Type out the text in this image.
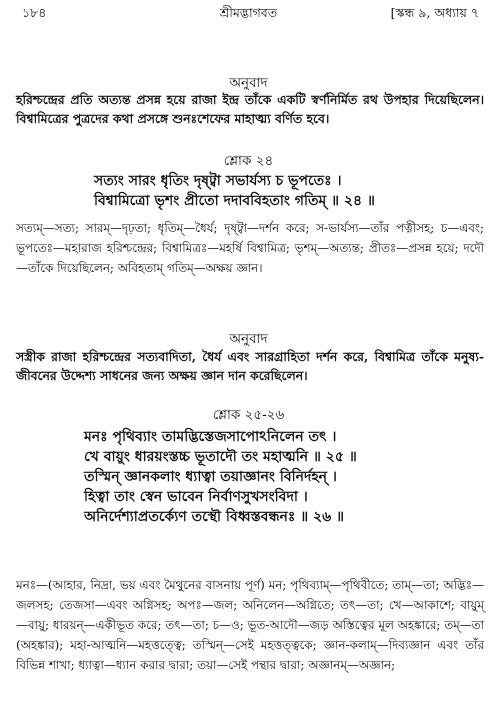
১৮৪	শ্রীমদ্ভাগবত	[স্কন্ধ ৯, অধ্যায় ৭
অনুবাদ

হরিশ্চন্দ্রের প্রতি অত্যন্ত প্রসন্ন হয়ে রাজা ইন্দ্র তাঁকে একটি স্বর্ণনির্মিত রথ উপহার দিয়েছিলেন। বিশ্বামিত্রের পুত্রদের কথা প্রসঙ্গে শুনঃশেফের মাহাত্ম্য বর্ণিত হবে।

শ্লোক ২৪
সত্যং সারং ধৃতিং দৃষ্ট্বা সভার্যস্য চ ভূপতেঃ ।
বিশ্বামিত্রো ভৃশং প্রীতো দদাববিহতাং গতিম্ ॥ ২৪ ॥

সত্যম্—সত্য; সারম্—দৃঢ়তা; ধৃতিম্—ধৈর্য; দৃষ্ট্বা—দর্শন করে; স-ভার্যস্য—তাঁর পত্নীসহ; চ—এবং; ভূপতেঃ—মহারাজ হরিশ্চন্দ্রের; বিশ্বামিত্রঃ—মহর্ষি বিশ্বামিত্র; ভৃশম্—অত্যন্ত; প্রীতঃ—প্রসন্ন হয়ে; দদৌ—তাঁকে দিয়েছিলেন; অবিহতাম্ গতিম্—অক্ষয় জ্ঞান।

অনুবাদ

সস্ত্রীক রাজা হরিশ্চন্দ্রের সত্যবাদিতা, ধৈর্য এবং সারগ্রাহিতা দর্শন করে, বিশ্বামিত্র তাঁকে মনুষ্য-জীবনের উদ্দেশ্য সাধনের জন্য অক্ষয় জ্ঞান দান করেছিলেন।

শ্লোক ২৫-২৬
মনঃ পৃথিব্যাং তামদ্ভিস্তেজসাপোঽনিলেন তৎ ।
খে বায়ুং ধারয়ংস্তচ্চ ভূতাদৌ তং মহাত্মনি ॥ ২৫ ॥
তস্মিন্ জ্ঞানকলাং ধ্যাত্বা তয়াজ্ঞানং বিনির্দহন্ ।
হিত্বা তাং স্বেন ভাবেন নির্বাণসুখসংবিদা ।
অনির্দেশ্যাপ্রতর্ক্যেণ তস্থৌ বিধ্বস্তবন্ধনঃ ॥ ২৬ ॥

মনঃ—(আহার, নিদ্রা, ভয় এবং মৈথুনের বাসনায় পূর্ণ) মন; পৃথিব্যাম্—পৃথিবীতে; তাম্—তা; অদ্ভিঃ—জলসহ; তেজসা—এবং অগ্নিসহ; অপঃ—জল; অনিলেন—অগ্নিতে; তৎ—তা; খে—আকাশে; বায়ুম্—বায়ু; ধারয়ন্—একীভূত করে; তৎ—তা; চ—ও; ভূত-আদৌ—জড় অস্তিত্বের মূল অহঙ্কারে; তম্—তা (অহঙ্কার); মহা-আত্মনি—মহত্তত্ত্বে; তস্মিন্—সেই মহত্তত্ত্বকে; জ্ঞান-কলাম্—দিব্যজ্ঞান এবং তাঁর বিভিন্ন শাখা; ধ্যাত্বা—ধ্যান করার দ্বারা; তয়া—সেই পন্থার দ্বারা; অজ্ঞানম্—অজ্ঞান;
